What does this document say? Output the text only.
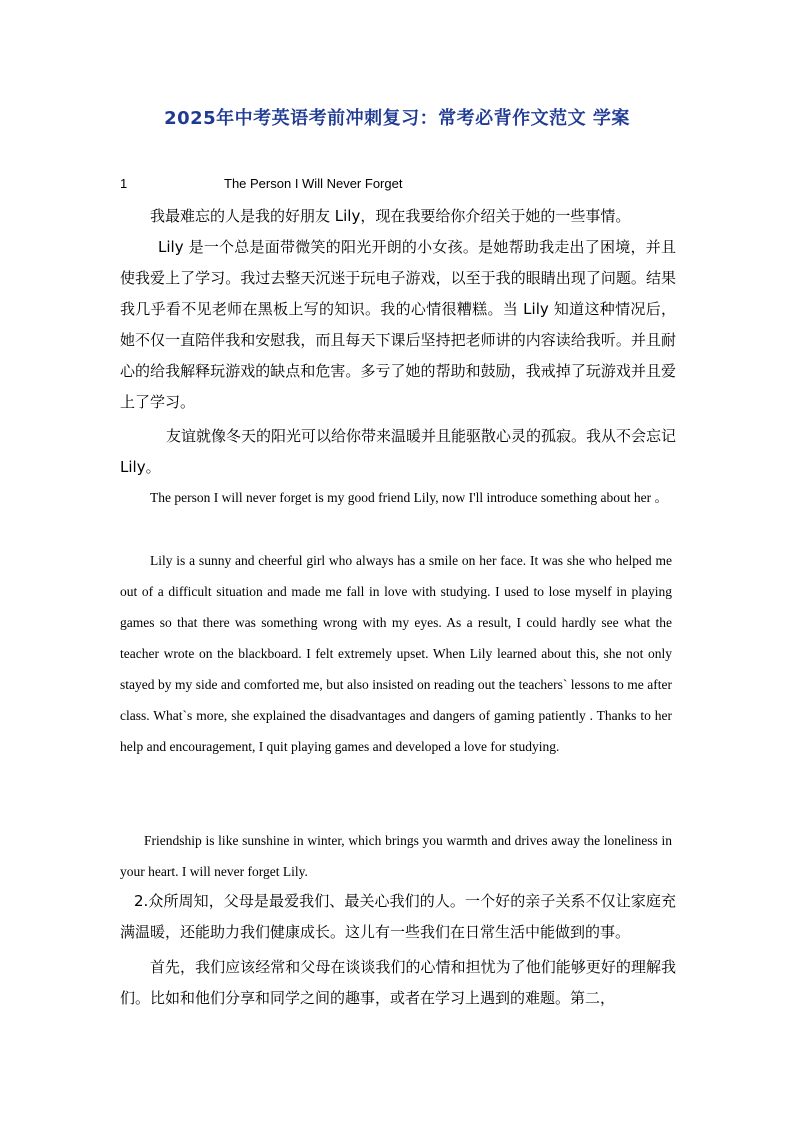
2025年中考英语考前冲刺复习：常考必背作文范文 学案
1	The Person I Will Never Forget

我最难忘的人是我的好朋友 Lily，现在我要给你介绍关于她的一些事情。

Lily 是一个总是面带微笑的阳光开朗的小女孩。是她帮助我走出了困境，并且使我爱上了学习。我过去整天沉迷于玩电子游戏，以至于我的眼睛出现了问题。结果我几乎看不见老师在黑板上写的知识。我的心情很糟糕。当 Lily 知道这种情况后，她不仅一直陪伴我和安慰我，而且每天下课后坚持把老师讲的内容读给我听。并且耐心的给我解释玩游戏的缺点和危害。多亏了她的帮助和鼓励，我戒掉了玩游戏并且爱上了学习。

友谊就像冬天的阳光可以给你带来温暖并且能驱散心灵的孤寂。我从不会忘记 Lily。

The person I will never forget is my good friend Lily, now I'll introduce something about her 。

Lily is a sunny and cheerful girl who always has a smile on her face. It was she who helped me out of a difficult situation and made me fall in love with studying. I used to lose myself in playing games so that there was something wrong with my eyes. As a result, I could hardly see what the teacher wrote on the blackboard. I felt extremely upset. When Lily learned about this, she not only stayed by my side and comforted me, but also insisted on reading out the teachers` lessons to me after class. What`s more, she explained the disadvantages and dangers of gaming patiently . Thanks to her help and encouragement, I quit playing games and developed a love for studying.

Friendship is like sunshine in winter, which brings you warmth and drives away the loneliness in your heart. I will never forget Lily.

2.众所周知，父母是最爱我们、最关心我们的人。一个好的亲子关系不仅让家庭充满温暖，还能助力我们健康成长。这儿有一些我们在日常生活中能做到的事。

首先，我们应该经常和父母在谈谈我们的心情和担忧为了他们能够更好的理解我们。比如和他们分享和同学之间的趣事，或者在学习上遇到的难题。第二，
